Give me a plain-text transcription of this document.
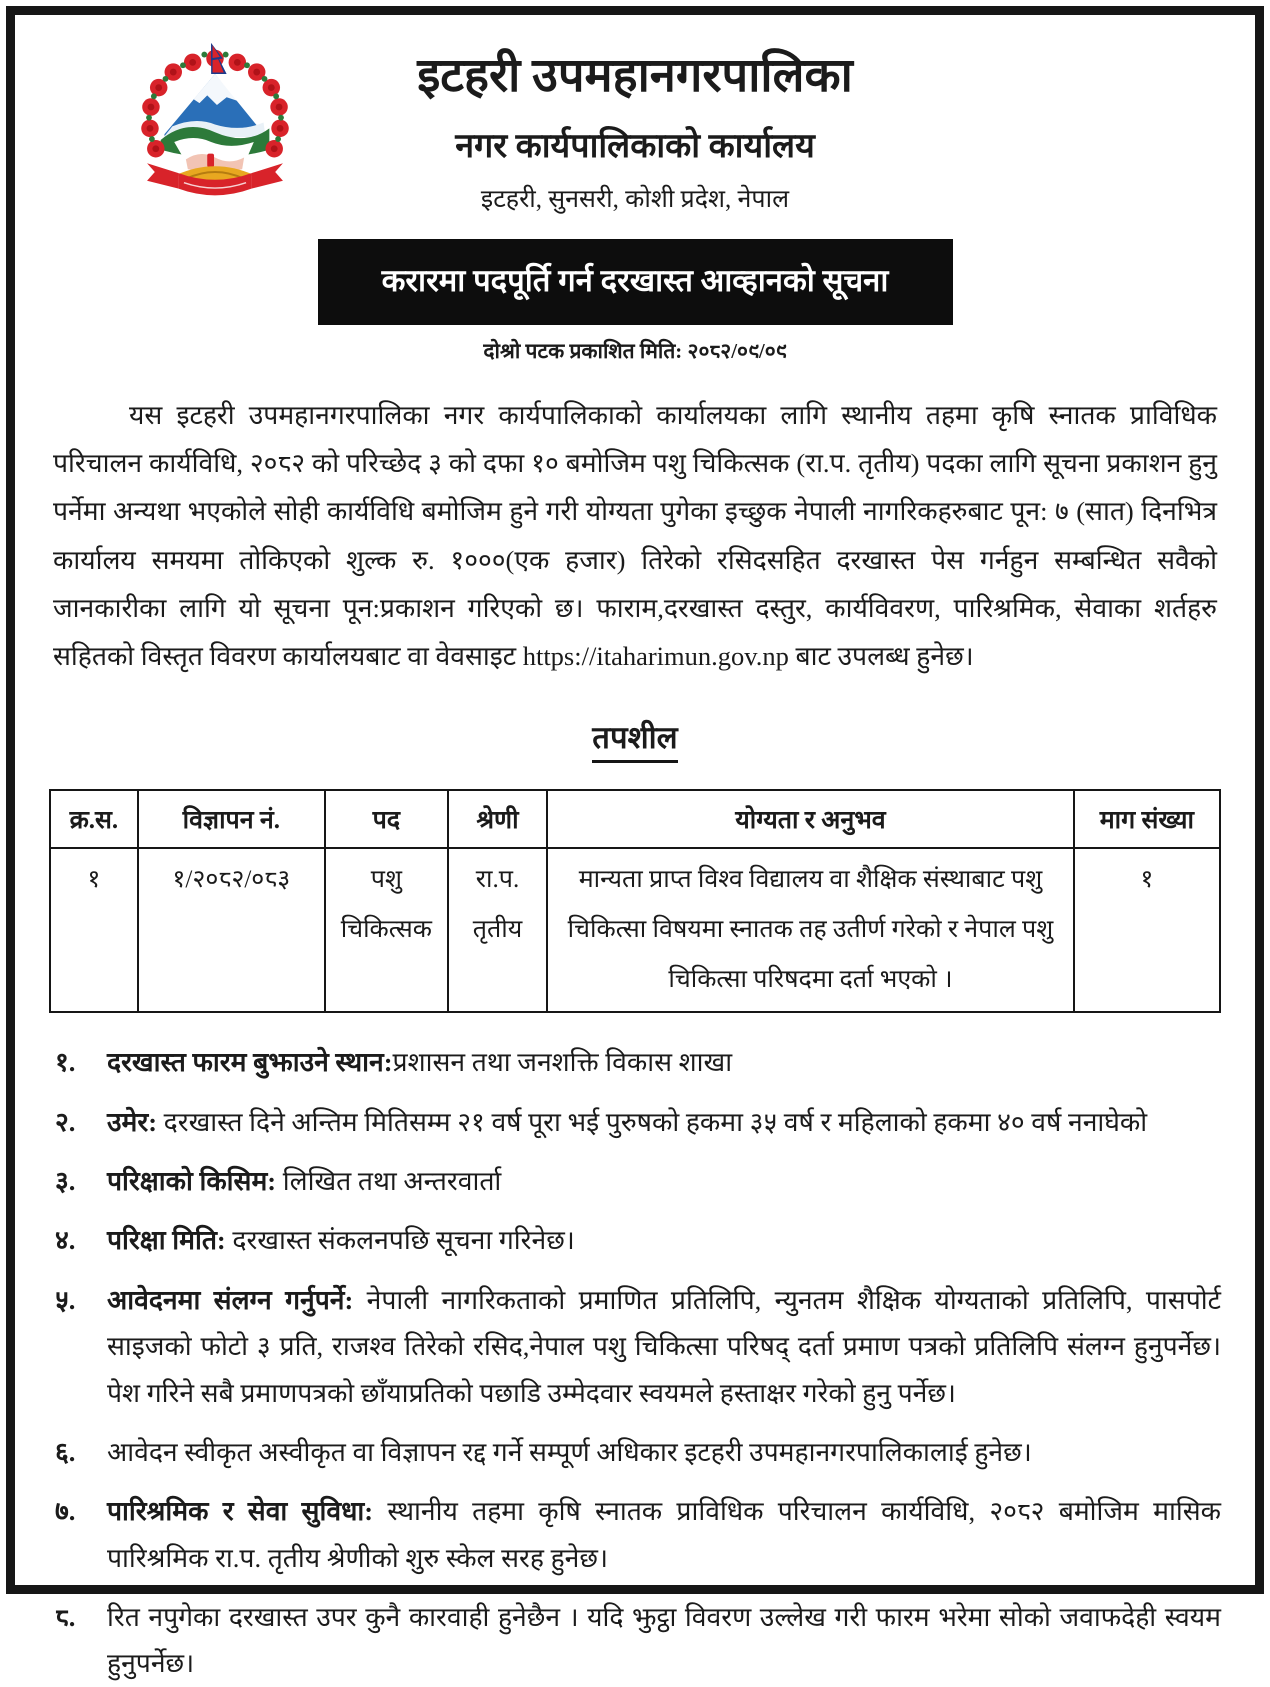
इटहरी उपमहानगरपालिका
नगर कार्यपालिकाको कार्यालय
इटहरी, सुनसरी, कोशी प्रदेश, नेपाल
करारमा पदपूर्ति गर्न दरखास्त आव्हानको सूचना
दोश्रो पटक प्रकाशित मिति: २०८२/०९/०९

यस इटहरी उपमहानगरपालिका नगर कार्यपालिकाको कार्यालयका लागि स्थानीय तहमा कृषि स्नातक प्राविधिक परिचालन कार्यविधि, २०८२ को परिच्छेद ३ को दफा १० बमोजिम पशु चिकित्सक (रा.प. तृतीय) पदका लागि सूचना प्रकाशन हुनु पर्नेमा अन्यथा भएकोले सोही कार्यविधि बमोजिम हुने गरी योग्यता पुगेका इच्छुक नेपाली नागरिकहरुबाट पून: ७ (सात) दिनभित्र कार्यालय समयमा तोकिएको शुल्क रु. १०००(एक हजार) तिरेको रसिदसहित दरखास्त पेस गर्नहुन सम्बन्धित सवैको जानकारीका लागि यो सूचना पून:प्रकाशन गरिएको छ। फाराम,दरखास्त दस्तुर, कार्यविवरण, पारिश्रमिक, सेवाका शर्तहरु सहितको विस्तृत विवरण कार्यालयबाट वा वेवसाइट https://itaharimun.gov.np बाट उपलब्ध हुनेछ।

तपशील
क्र.स.	विज्ञापन नं.	पद	श्रेणी	योग्यता र अनुभव	माग संख्या
१	१/२०८२/०८३	पशु चिकित्सक	रा.प. तृतीय	मान्यता प्राप्त विश्व विद्यालय वा शैक्षिक संस्थाबाट पशु चिकित्सा विषयमा स्नातक तह उतीर्ण गरेको र नेपाल पशु चिकित्सा परिषदमा दर्ता भएको ।	१
१. दरखास्त फारम बुझाउने स्थान:प्रशासन तथा जनशक्ति विकास शाखा
२. उमेर: दरखास्त दिने अन्तिम मितिसम्म २१ वर्ष पूरा भई पुरुषको हकमा ३५ वर्ष र महिलाको हकमा ४० वर्ष ननाघेको
३. परिक्षाको किसिम: लिखित तथा अन्तरवार्ता
४. परिक्षा मिति: दरखास्त संकलनपछि सूचना गरिनेछ।
५. आवेदनमा संलग्न गर्नुपर्ने: नेपाली नागरिकताको प्रमाणित प्रतिलिपि, न्युनतम शैक्षिक योग्यताको प्रतिलिपि, पासपोर्ट साइजको फोटो ३ प्रति, राजश्व तिरेको रसिद,नेपाल पशु चिकित्सा परिषद् दर्ता प्रमाण पत्रको प्रतिलिपि संलग्न हुनुपर्नेछ। पेश गरिने सबै प्रमाणपत्रको छाँयाप्रतिको पछाडि उम्मेदवार स्वयमले हस्ताक्षर गरेको हुनु पर्नेछ।
६. आवेदन स्वीकृत अस्वीकृत वा विज्ञापन रद्द गर्ने सम्पूर्ण अधिकार इटहरी उपमहानगरपालिकालाई हुनेछ।
७. पारिश्रमिक र सेवा सुविधा: स्थानीय तहमा कृषि स्नातक प्राविधिक परिचालन कार्यविधि, २०८२ बमोजिम मासिक पारिश्रमिक रा.प. तृतीय श्रेणीको शुरु स्केल सरह हुनेछ।
८. रित नपुगेका दरखास्त उपर कुनै कारवाही हुनेछैन । यदि झुट्ठा विवरण उल्लेख गरी फारम भरेमा सोको जवाफदेही स्वयम हुनुपर्नेछ।
